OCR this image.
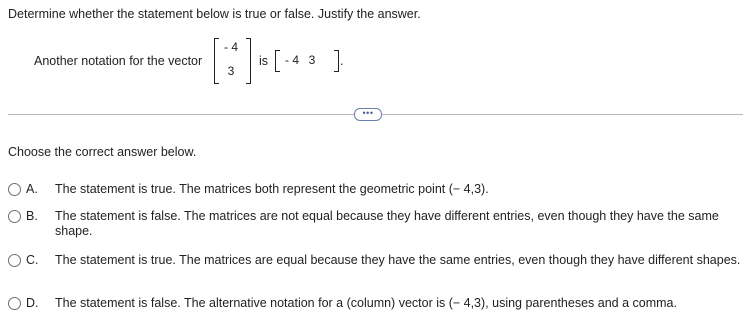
Determine whether the statement below is true or false. Justify the answer.
Another notation for the vector
- 4
3
is - 4 3	.
•••
Choose the correct answer below.
A. The statement is true. The matrices both represent the geometric point (− 4,3).
B. The statement is false. The matrices are not equal because they have different entries, even though they have the same shape.
C. The statement is true. The matrices are equal because they have the same entries, even though they have different shapes.
D. The statement is false. The alternative notation for a (column) vector is (− 4,3), using parentheses and a comma.
